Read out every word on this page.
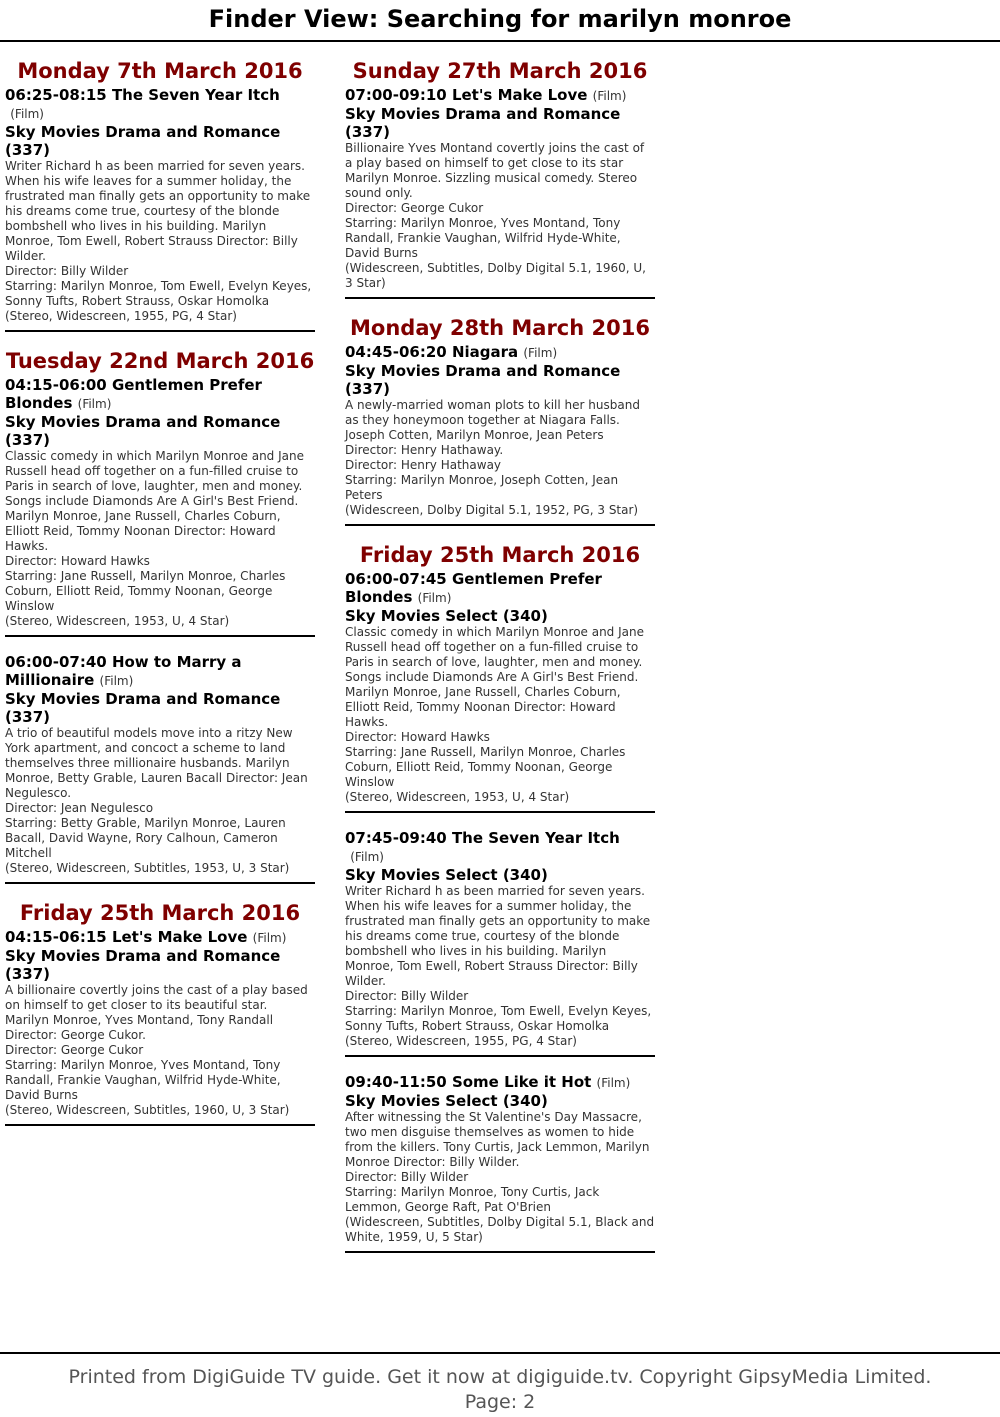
Finder View: Searching for marilyn monroe
Monday 7th March 2016
06:25-08:15 The Seven Year Itch
(Film)
Sky Movies Drama and Romance (337)
Writer Richard h as been married for seven years. When his wife leaves for a summer holiday, the frustrated man finally gets an opportunity to make his dreams come true, courtesy of the blonde bombshell who lives in his building. Marilyn Monroe, Tom Ewell, Robert Strauss Director: Billy Wilder.
Director: Billy Wilder
Starring: Marilyn Monroe, Tom Ewell, Evelyn Keyes, Sonny Tufts, Robert Strauss, Oskar Homolka
(Stereo, Widescreen, 1955, PG, 4 Star)
Tuesday 22nd March 2016
04:15-06:00 Gentlemen Prefer Blondes (Film)
Sky Movies Drama and Romance (337)
Classic comedy in which Marilyn Monroe and Jane Russell head off together on a fun-filled cruise to Paris in search of love, laughter, men and money. Songs include Diamonds Are A Girl's Best Friend. Marilyn Monroe, Jane Russell, Charles Coburn, Elliott Reid, Tommy Noonan Director: Howard Hawks.
Director: Howard Hawks
Starring: Jane Russell, Marilyn Monroe, Charles Coburn, Elliott Reid, Tommy Noonan, George Winslow
(Stereo, Widescreen, 1953, U, 4 Star)
06:00-07:40 How to Marry a Millionaire (Film)
Sky Movies Drama and Romance (337)
A trio of beautiful models move into a ritzy New York apartment, and concoct a scheme to land themselves three millionaire husbands. Marilyn Monroe, Betty Grable, Lauren Bacall Director: Jean Negulesco.
Director: Jean Negulesco
Starring: Betty Grable, Marilyn Monroe, Lauren Bacall, David Wayne, Rory Calhoun, Cameron Mitchell
(Stereo, Widescreen, Subtitles, 1953, U, 3 Star)
Friday 25th March 2016
04:15-06:15 Let's Make Love (Film)
Sky Movies Drama and Romance (337)
A billionaire covertly joins the cast of a play based on himself to get closer to its beautiful star. Marilyn Monroe, Yves Montand, Tony Randall Director: George Cukor.
Director: George Cukor
Starring: Marilyn Monroe, Yves Montand, Tony Randall, Frankie Vaughan, Wilfrid Hyde-White, David Burns
(Stereo, Widescreen, Subtitles, 1960, U, 3 Star)
Sunday 27th March 2016
07:00-09:10 Let's Make Love (Film)
Sky Movies Drama and Romance (337)
Billionaire Yves Montand covertly joins the cast of a play based on himself to get close to its star Marilyn Monroe. Sizzling musical comedy. Stereo sound only.
Director: George Cukor
Starring: Marilyn Monroe, Yves Montand, Tony Randall, Frankie Vaughan, Wilfrid Hyde-White, David Burns
(Widescreen, Subtitles, Dolby Digital 5.1, 1960, U, 3 Star)
Monday 28th March 2016
04:45-06:20 Niagara (Film)
Sky Movies Drama and Romance (337)
A newly-married woman plots to kill her husband as they honeymoon together at Niagara Falls. Joseph Cotten, Marilyn Monroe, Jean Peters Director: Henry Hathaway.
Director: Henry Hathaway
Starring: Marilyn Monroe, Joseph Cotten, Jean Peters
(Widescreen, Dolby Digital 5.1, 1952, PG, 3 Star)
Friday 25th March 2016
06:00-07:45 Gentlemen Prefer Blondes (Film)
Sky Movies Select (340)
Classic comedy in which Marilyn Monroe and Jane Russell head off together on a fun-filled cruise to Paris in search of love, laughter, men and money. Songs include Diamonds Are A Girl's Best Friend. Marilyn Monroe, Jane Russell, Charles Coburn, Elliott Reid, Tommy Noonan Director: Howard Hawks.
Director: Howard Hawks
Starring: Jane Russell, Marilyn Monroe, Charles Coburn, Elliott Reid, Tommy Noonan, George Winslow
(Stereo, Widescreen, 1953, U, 4 Star)
07:45-09:40 The Seven Year Itch
(Film)
Sky Movies Select (340)
Writer Richard h as been married for seven years. When his wife leaves for a summer holiday, the frustrated man finally gets an opportunity to make his dreams come true, courtesy of the blonde bombshell who lives in his building. Marilyn Monroe, Tom Ewell, Robert Strauss Director: Billy Wilder.
Director: Billy Wilder
Starring: Marilyn Monroe, Tom Ewell, Evelyn Keyes, Sonny Tufts, Robert Strauss, Oskar Homolka
(Stereo, Widescreen, 1955, PG, 4 Star)
09:40-11:50 Some Like it Hot (Film)
Sky Movies Select (340)
After witnessing the St Valentine's Day Massacre, two men disguise themselves as women to hide from the killers. Tony Curtis, Jack Lemmon, Marilyn Monroe Director: Billy Wilder.
Director: Billy Wilder
Starring: Marilyn Monroe, Tony Curtis, Jack Lemmon, George Raft, Pat O'Brien
(Widescreen, Subtitles, Dolby Digital 5.1, Black and White, 1959, U, 5 Star)
Printed from DigiGuide TV guide. Get it now at digiguide.tv. Copyright GipsyMedia Limited. Page: 2
